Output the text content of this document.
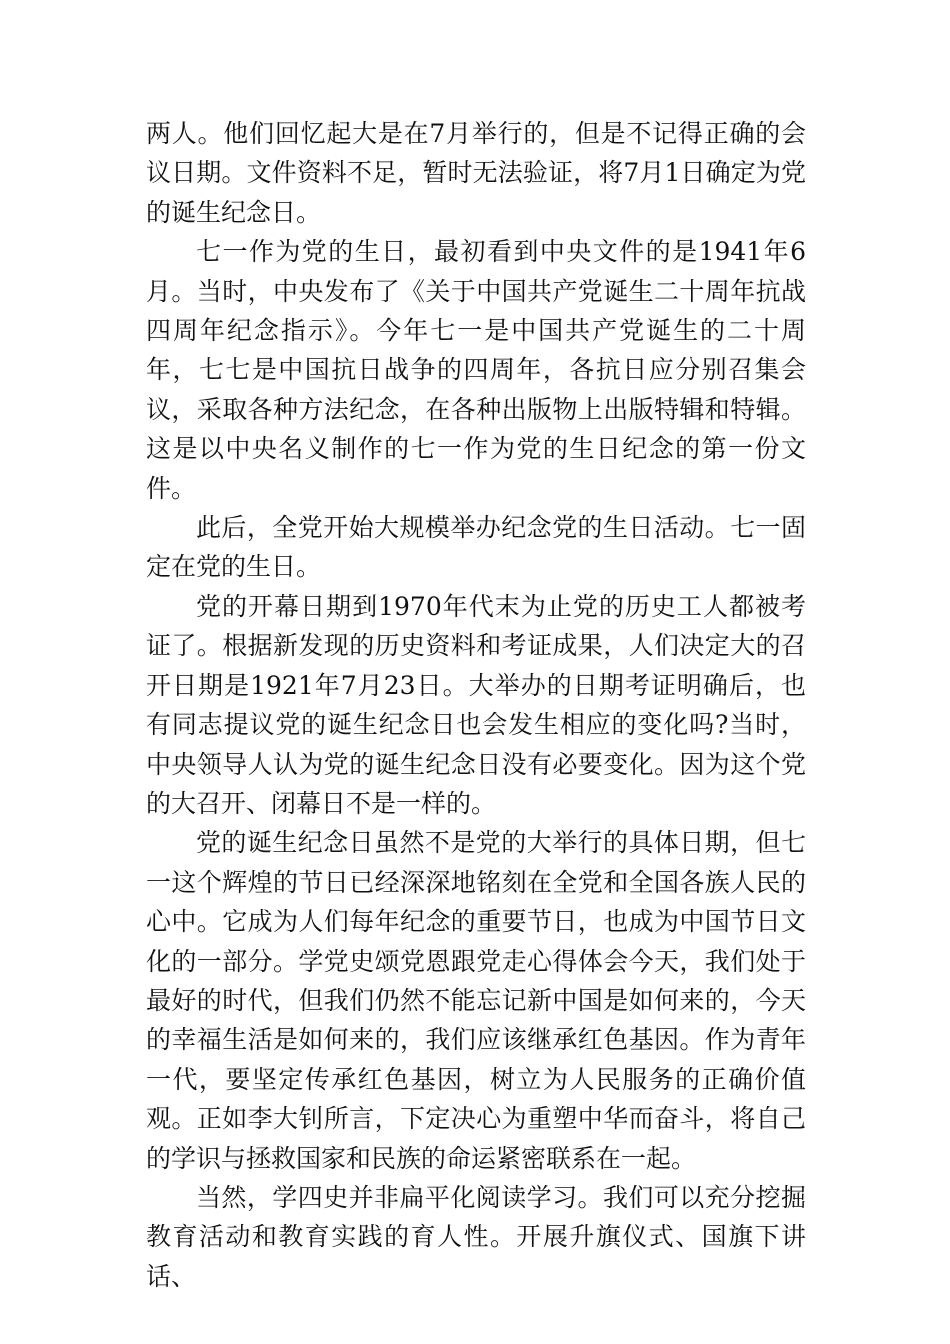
两人。他们回忆起大是在7月举行的，但是不记得正确的会议日期。文件资料不足，暂时无法验证，将7月1日确定为党的诞生纪念日。

七一作为党的生日，最初看到中央文件的是1941年6月。当时，中央发布了《关于中国共产党诞生二十周年抗战四周年纪念指示》。今年七一是中国共产党诞生的二十周年，七七是中国抗日战争的四周年，各抗日应分别召集会议，采取各种方法纪念，在各种出版物上出版特辑和特辑。这是以中央名义制作的七一作为党的生日纪念的第一份文件。

此后，全党开始大规模举办纪念党的生日活动。七一固定在党的生日。

党的开幕日期到1970年代末为止党的历史工人都被考证了。根据新发现的历史资料和考证成果，人们决定大的召开日期是1921年7月23日。大举办的日期考证明确后，也有同志提议党的诞生纪念日也会发生相应的变化吗?当时，中央领导人认为党的诞生纪念日没有必要变化。因为这个党的大召开、闭幕日不是一样的。

党的诞生纪念日虽然不是党的大举行的具体日期，但七一这个辉煌的节日已经深深地铭刻在全党和全国各族人民的心中。它成为人们每年纪念的重要节日，也成为中国节日文化的一部分。学党史颂党恩跟党走心得体会今天，我们处于最好的时代，但我们仍然不能忘记新中国是如何来的，今天的幸福生活是如何来的，我们应该继承红色基因。作为青年一代，要坚定传承红色基因，树立为人民服务的正确价值观。正如李大钊所言，下定决心为重塑中华而奋斗，将自己的学识与拯救国家和民族的命运紧密联系在一起。

当然，学四史并非扁平化阅读学习。我们可以充分挖掘教育活动和教育实践的育人性。开展升旗仪式、国旗下讲话、
